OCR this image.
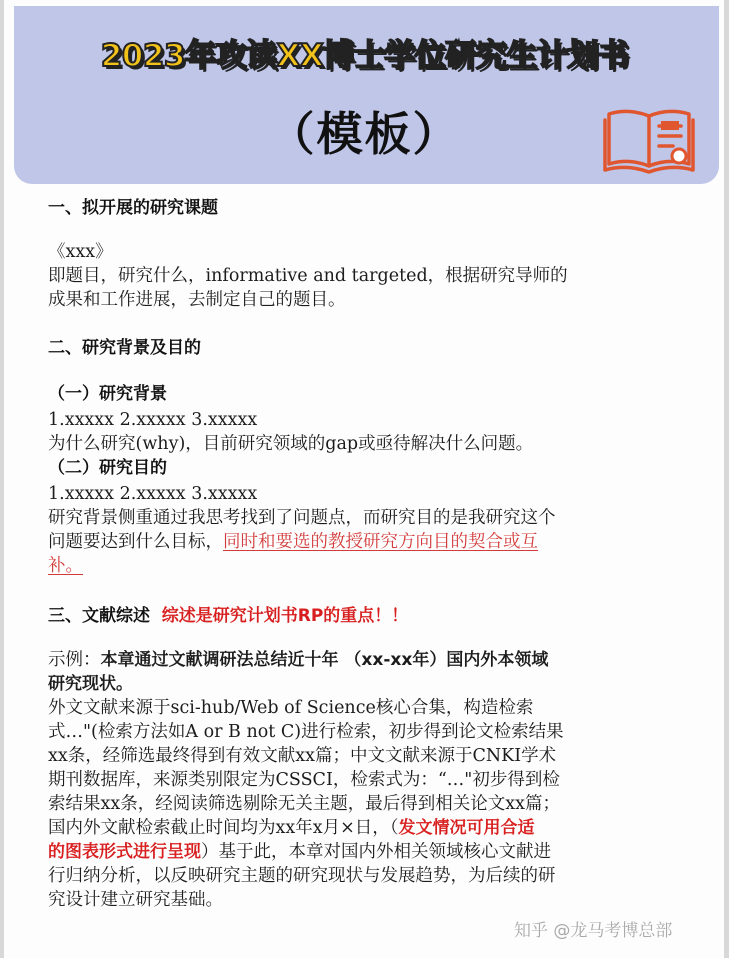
2023年攻读XX博士学位研究生计划书
（模板）
一、拟开展的研究课题
《xxx》
即题目，研究什么，informative and targeted，根据研究导师的
成果和工作进展，去制定自己的题目。
二、研究背景及目的
（一）研究背景
1.xxxxx 2.xxxxx 3.xxxxx
为什么研究(why)，目前研究领域的gap或亟待解决什么问题。
（二）研究目的
1.xxxxx 2.xxxxx 3.xxxxx
研究背景侧重通过我思考找到了问题点，而研究目的是我研究这个
问题要达到什么目标，同时和要选的教授研究方向目的契合或互
补。
三、文献综述 综述是研究计划书RP的重点！！
示例：本章通过文献调研法总结近十年 （xx-xx年）国内外本领域
研究现状。
外文文献来源于sci-hub/Web of Science核心合集，构造检索
式…"(检索方法如A or B not C)进行检索，初步得到论文检索结果
xx条，经筛选最终得到有效文献xx篇；中文文献来源于CNKI学术
期刊数据库，来源类别限定为CSSCI，检索式为：“…"初步得到检
索结果xx条，经阅读筛选剔除无关主题，最后得到相关论文xx篇；
国内外文献检索截止时间均为xx年x月×日，（发文情况可用合适
的图表形式进行呈现）基于此，本章对国内外相关领域核心文献进
行归纳分析，以反映研究主题的研究现状与发展趋势，为后续的研
究设计建立研究基础。
知乎 @龙马考博总部
